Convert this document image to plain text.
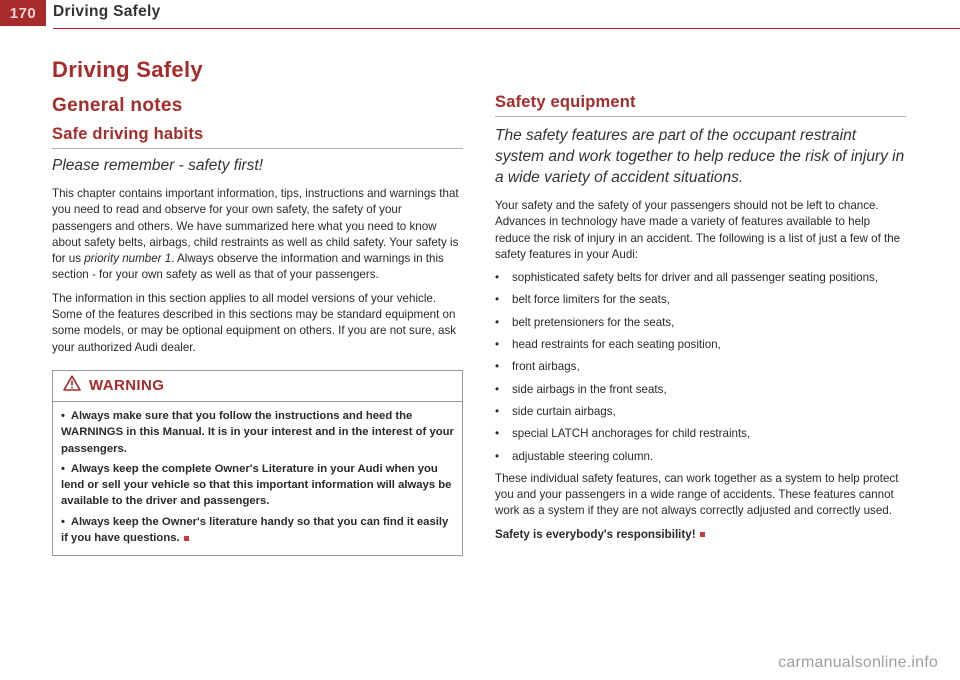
170	Driving Safely
Driving Safely
General notes
Safe driving habits
Please remember - safety first!

This chapter contains important information, tips, instructions and warnings that you need to read and observe for your own safety, the safety of your passengers and others. We have summarized here what you need to know about safety belts, airbags, child restraints as well as child safety. Your safety is for us priority number 1. Always observe the information and warnings in this section - for your own safety as well as that of your passengers.

The information in this section applies to all model versions of your vehicle. Some of the features described in this sections may be standard equipment on some models, or may be optional equipment on others. If you are not sure, ask your authorized Audi dealer.

WARNING

•  Always make sure that you follow the instructions and heed the WARNINGS in this Manual. It is in your interest and in the interest of your passengers.

•  Always keep the complete Owner's Literature in your Audi when you lend or sell your vehicle so that this important information will always be available to the driver and passengers.

•  Always keep the Owner's literature handy so that you can find it easily if you have questions.

Safety equipment
The safety features are part of the occupant restraint system and work together to help reduce the risk of injury in a wide variety of accident situations.

Your safety and the safety of your passengers should not be left to chance. Advances in technology have made a variety of features available to help reduce the risk of injury in an accident. The following is a list of just a few of the safety features in your Audi:

• sophisticated safety belts for driver and all passenger seating positions,
• belt force limiters for the seats,
• belt pretensioners for the seats,
• head restraints for each seating position,
• front airbags,
• side airbags in the front seats,
• side curtain airbags,
• special LATCH anchorages for child restraints,
• adjustable steering column.

These individual safety features, can work together as a system to help protect you and your passengers in a wide range of accidents. These features cannot work as a system if they are not always correctly adjusted and correctly used.

Safety is everybody's responsibility!

carmanualsonline.info
